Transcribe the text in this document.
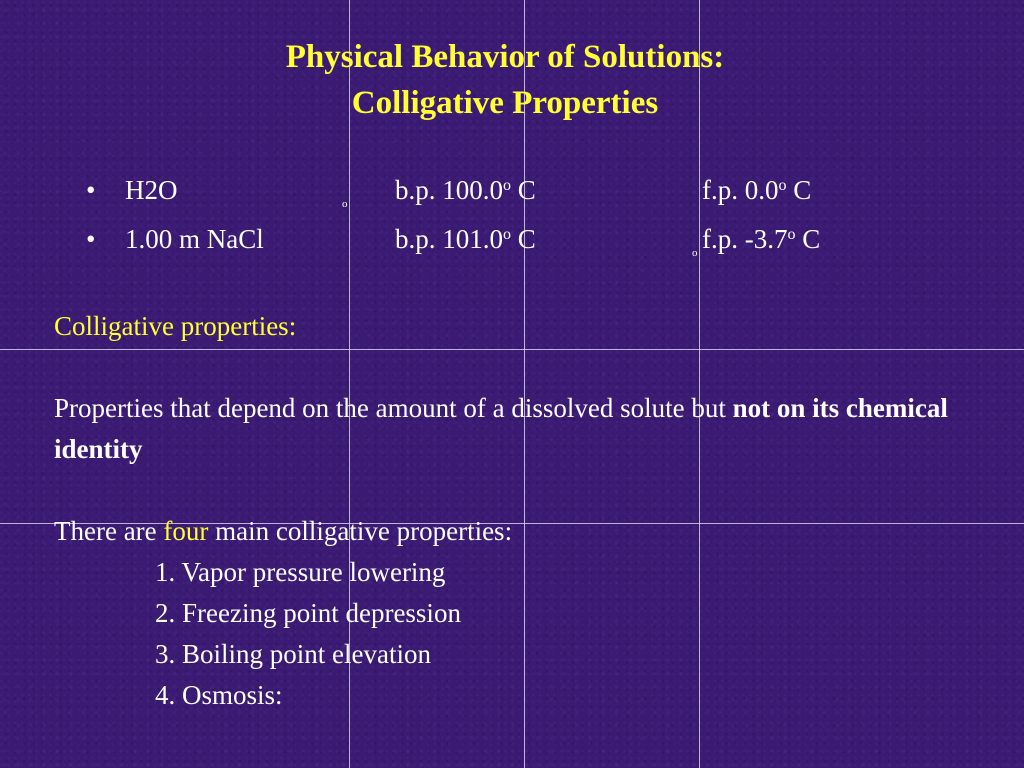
Physical Behavior of Solutions:
Colligative Properties
• H2O	o b.p. 100.0$^o$ C	f.p. 0.0$^o$ C
• 1.00 m NaCl	b.p. 101.0$^o$ C	o f.p. -3.7$^o$ C
Colligative properties:
Properties that depend on the amount of a dissolved solute but not on its chemical identity
There are four main colligative properties:
1. Vapor pressure lowering
2. Freezing point depression
3. Boiling point elevation
4. Osmosis:
